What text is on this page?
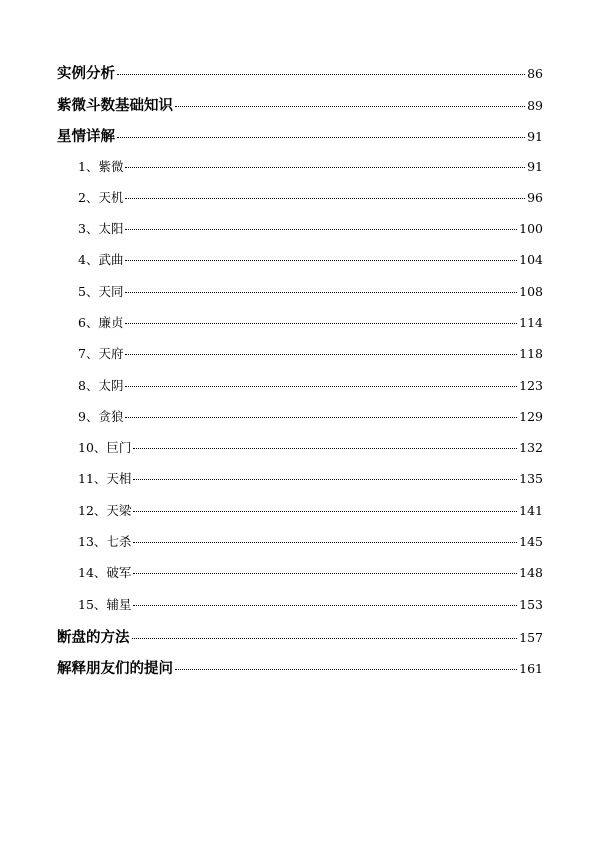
实例分析	86
紫微斗数基础知识	89
星情详解	91
1、紫微	91
2、天机	96
3、太阳	100
4、武曲	104
5、天同	108
6、廉贞	114
7、天府	118
8、太阴	123
9、贪狼	129
10、巨门	132
11、天相	135
12、天梁	141
13、七杀	145
14、破军	148
15、辅星	153
断盘的方法	157
解释朋友们的提问	161
